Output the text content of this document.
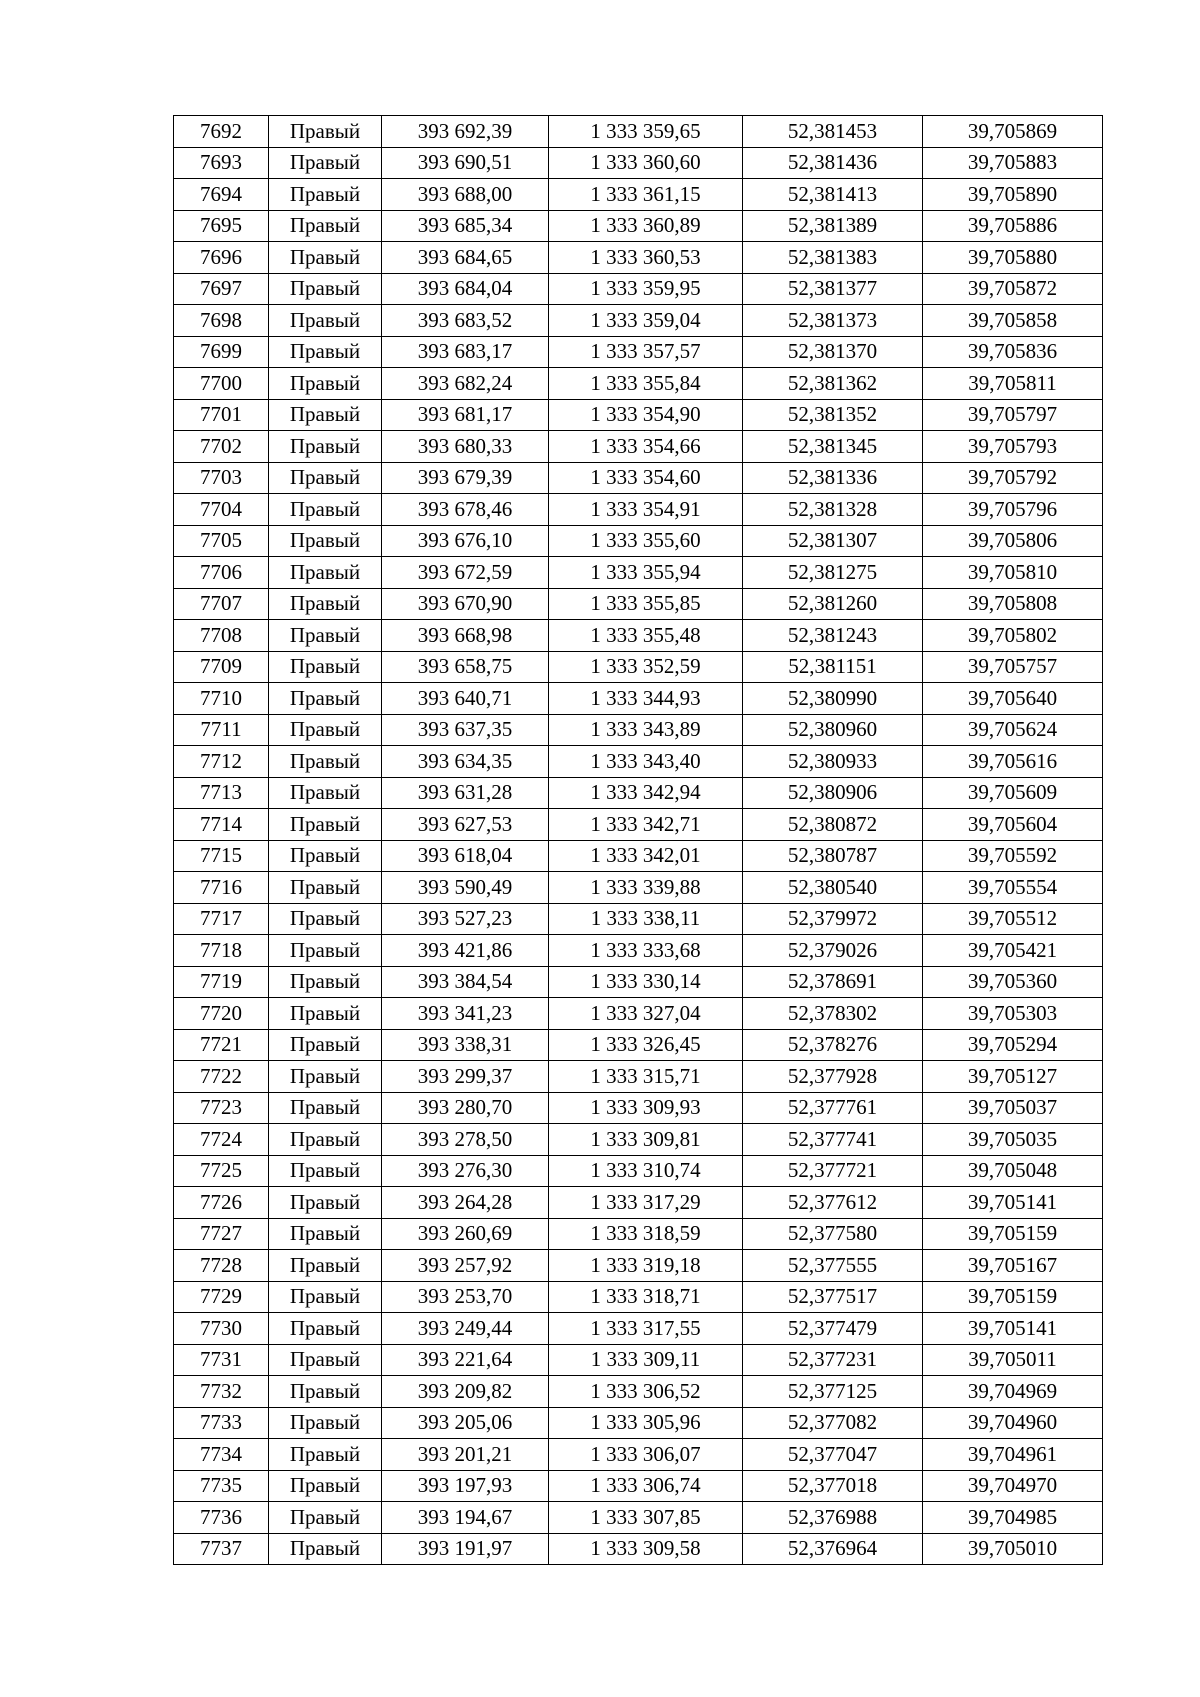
7692	Правый	393 692,39	1 333 359,65	52,381453	39,705869
7693	Правый	393 690,51	1 333 360,60	52,381436	39,705883
7694	Правый	393 688,00	1 333 361,15	52,381413	39,705890
7695	Правый	393 685,34	1 333 360,89	52,381389	39,705886
7696	Правый	393 684,65	1 333 360,53	52,381383	39,705880
7697	Правый	393 684,04	1 333 359,95	52,381377	39,705872
7698	Правый	393 683,52	1 333 359,04	52,381373	39,705858
7699	Правый	393 683,17	1 333 357,57	52,381370	39,705836
7700	Правый	393 682,24	1 333 355,84	52,381362	39,705811
7701	Правый	393 681,17	1 333 354,90	52,381352	39,705797
7702	Правый	393 680,33	1 333 354,66	52,381345	39,705793
7703	Правый	393 679,39	1 333 354,60	52,381336	39,705792
7704	Правый	393 678,46	1 333 354,91	52,381328	39,705796
7705	Правый	393 676,10	1 333 355,60	52,381307	39,705806
7706	Правый	393 672,59	1 333 355,94	52,381275	39,705810
7707	Правый	393 670,90	1 333 355,85	52,381260	39,705808
7708	Правый	393 668,98	1 333 355,48	52,381243	39,705802
7709	Правый	393 658,75	1 333 352,59	52,381151	39,705757
7710	Правый	393 640,71	1 333 344,93	52,380990	39,705640
7711	Правый	393 637,35	1 333 343,89	52,380960	39,705624
7712	Правый	393 634,35	1 333 343,40	52,380933	39,705616
7713	Правый	393 631,28	1 333 342,94	52,380906	39,705609
7714	Правый	393 627,53	1 333 342,71	52,380872	39,705604
7715	Правый	393 618,04	1 333 342,01	52,380787	39,705592
7716	Правый	393 590,49	1 333 339,88	52,380540	39,705554
7717	Правый	393 527,23	1 333 338,11	52,379972	39,705512
7718	Правый	393 421,86	1 333 333,68	52,379026	39,705421
7719	Правый	393 384,54	1 333 330,14	52,378691	39,705360
7720	Правый	393 341,23	1 333 327,04	52,378302	39,705303
7721	Правый	393 338,31	1 333 326,45	52,378276	39,705294
7722	Правый	393 299,37	1 333 315,71	52,377928	39,705127
7723	Правый	393 280,70	1 333 309,93	52,377761	39,705037
7724	Правый	393 278,50	1 333 309,81	52,377741	39,705035
7725	Правый	393 276,30	1 333 310,74	52,377721	39,705048
7726	Правый	393 264,28	1 333 317,29	52,377612	39,705141
7727	Правый	393 260,69	1 333 318,59	52,377580	39,705159
7728	Правый	393 257,92	1 333 319,18	52,377555	39,705167
7729	Правый	393 253,70	1 333 318,71	52,377517	39,705159
7730	Правый	393 249,44	1 333 317,55	52,377479	39,705141
7731	Правый	393 221,64	1 333 309,11	52,377231	39,705011
7732	Правый	393 209,82	1 333 306,52	52,377125	39,704969
7733	Правый	393 205,06	1 333 305,96	52,377082	39,704960
7734	Правый	393 201,21	1 333 306,07	52,377047	39,704961
7735	Правый	393 197,93	1 333 306,74	52,377018	39,704970
7736	Правый	393 194,67	1 333 307,85	52,376988	39,704985
7737	Правый	393 191,97	1 333 309,58	52,376964	39,705010
